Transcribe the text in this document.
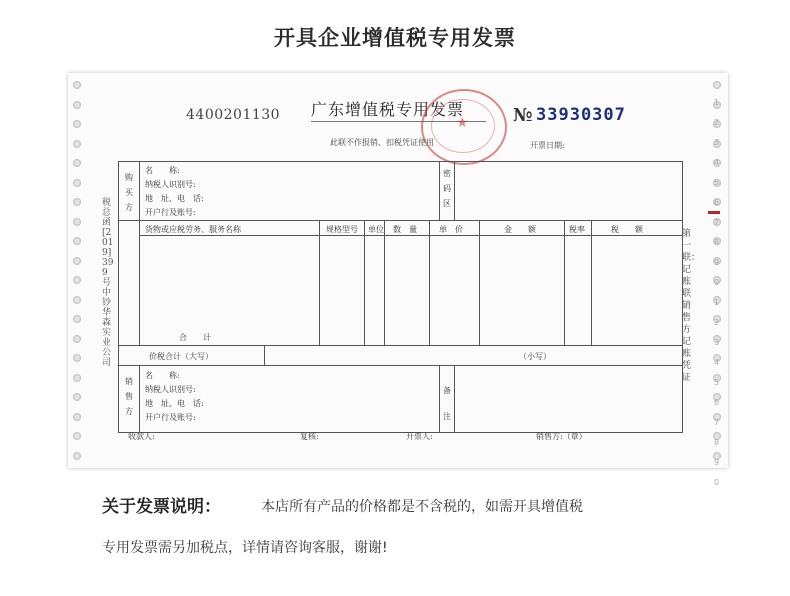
开具企业增值税专用发票
税总函[2019]399号中钞华森实业公司
12345678901234567890
第一联：记账联 销售方记账凭证
4400201130 广东增值税专用发票
★
此联不作报销、扣税凭证使用
№ 33930307
开票日期:
购买方
名　　称:
纳税人识别号:
地　址、电　话:
开户行及账号:
密码区
货物或应税劳务、服务名称	规格型号 单位 数　量	单　价	金　　额	税率	税　　额
合　　计
价税合计（大写）	（小写）
销售方
名　　称:
纳税人识别号:
地　址、电　话:
开户行及账号:
备注
收款人:	复核:	开票人:	销售方:（章）
关于发票说明：	本店所有产品的价格都是不含税的，如需开具增值税
专用发票需另加税点，详情请咨询客服，谢谢!
